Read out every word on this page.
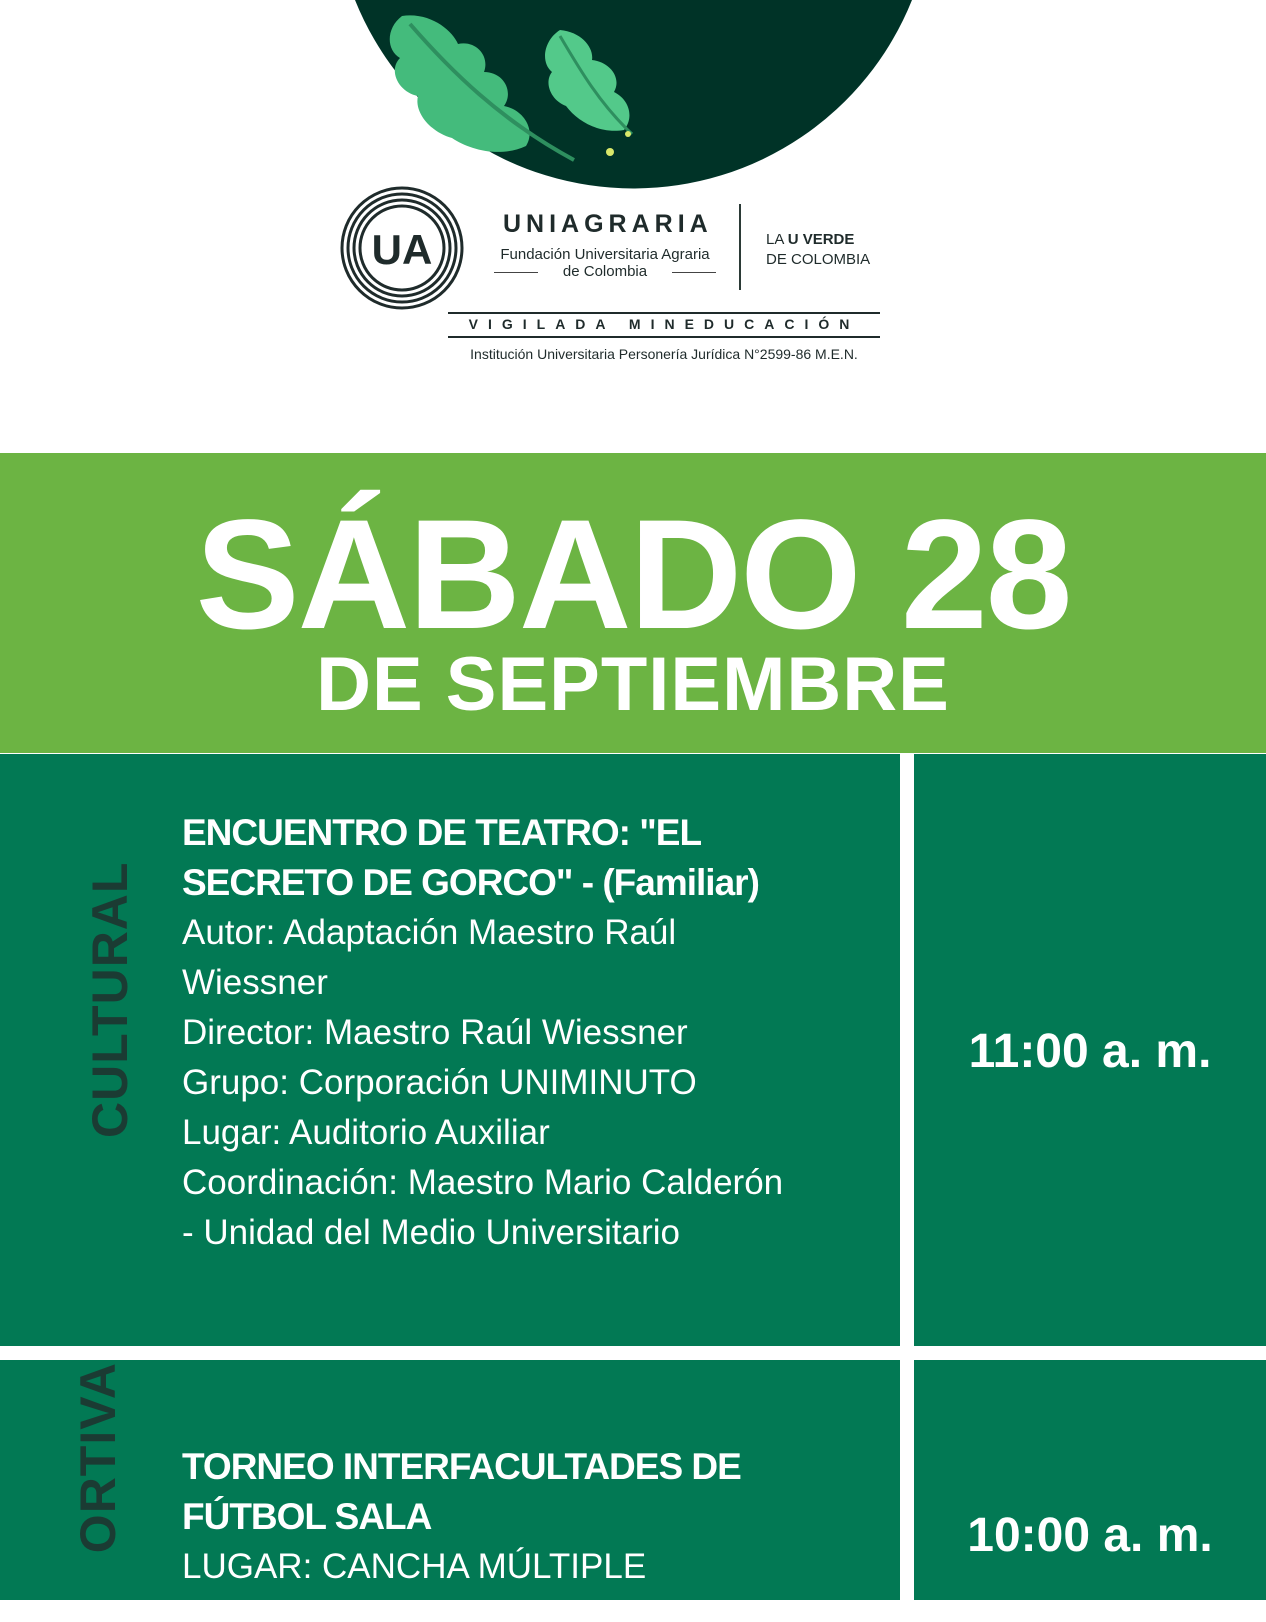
UA
UNIAGRARIA
Fundación Universitaria Agraria
de Colombia
LA U VERDE
DE COLOMBIA
VIGILADA MINEDUCACIÓN
Institución Universitaria Personería Jurídica N°2599-86 M.E.N.
SÁBADO 28
DE SEPTIEMBRE
CULTURAL
ENCUENTRO DE TEATRO: "EL
SECRETO DE GORCO" - (Familiar)
Autor: Adaptación Maestro Raúl
Wiessner
Director: Maestro Raúl Wiessner
Grupo: Corporación UNIMINUTO
Lugar: Auditorio Auxiliar
Coordinación: Maestro Mario Calderón
- Unidad del Medio Universitario
11:00 a. m.
ORTIVA TORNEO INTERFACULTADES DE
FÚTBOL SALA
LUGAR: CANCHA MÚLTIPLE
10:00 a. m.
